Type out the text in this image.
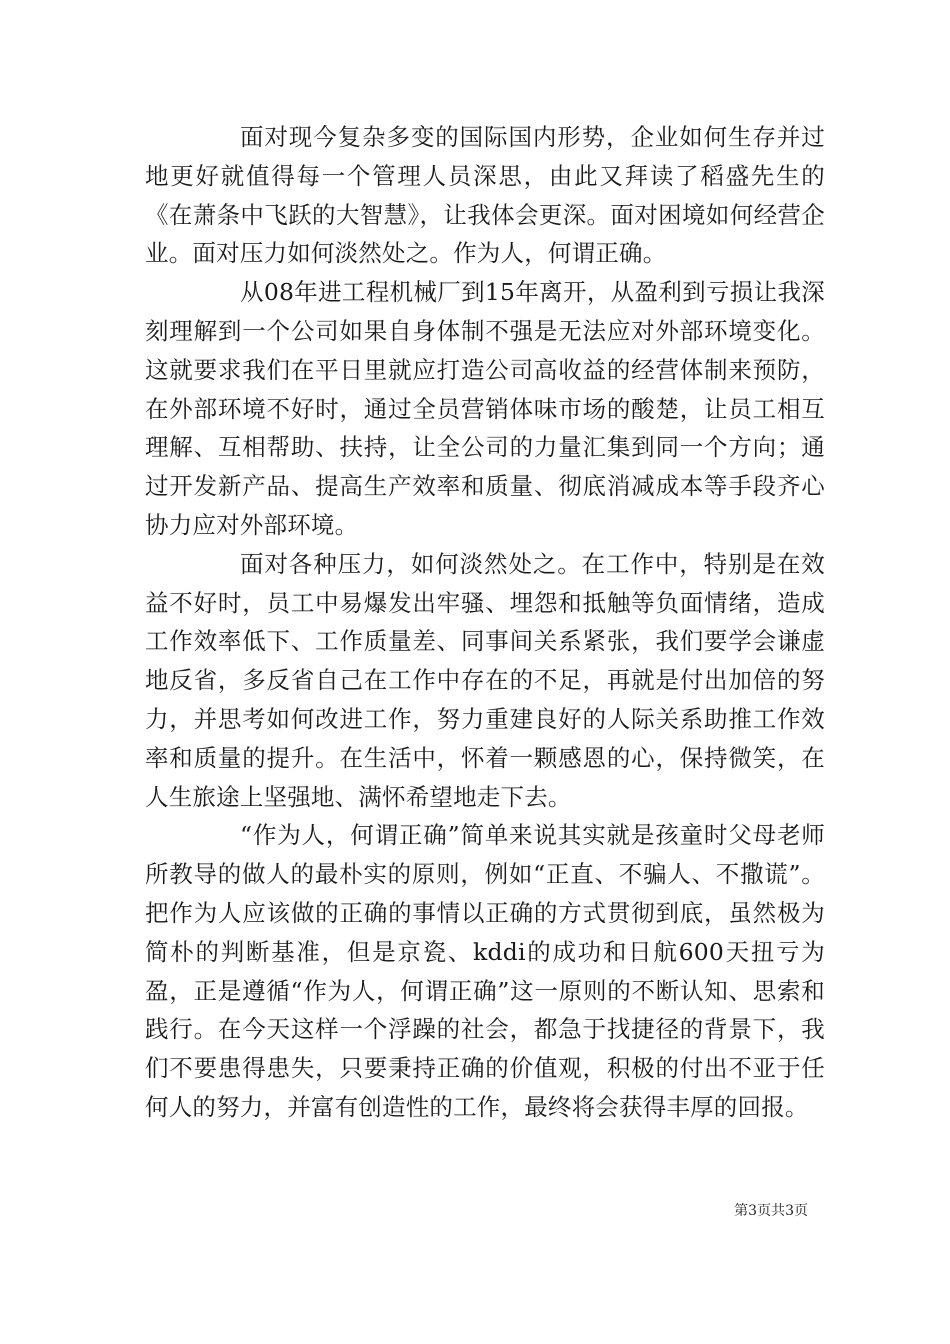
面对现今复杂多变的国际国内形势，企业如何生存并过地更好就值得每一个管理人员深思，由此又拜读了稻盛先生的《在萧条中飞跃的大智慧》，让我体会更深。面对困境如何经营企业。面对压力如何淡然处之。作为人，何谓正确。

从08年进工程机械厂到15年离开，从盈利到亏损让我深刻理解到一个公司如果自身体制不强是无法应对外部环境变化。这就要求我们在平日里就应打造公司高收益的经营体制来预防，在外部环境不好时，通过全员营销体味市场的酸楚，让员工相互理解、互相帮助、扶持，让全公司的力量汇集到同一个方向；通过开发新产品、提高生产效率和质量、彻底消减成本等手段齐心协力应对外部环境。

面对各种压力，如何淡然处之。在工作中，特别是在效益不好时，员工中易爆发出牢骚、埋怨和抵触等负面情绪，造成工作效率低下、工作质量差、同事间关系紧张，我们要学会谦虚地反省，多反省自己在工作中存在的不足，再就是付出加倍的努力，并思考如何改进工作，努力重建良好的人际关系助推工作效率和质量的提升。在生活中，怀着一颗感恩的心，保持微笑，在人生旅途上坚强地、满怀希望地走下去。

“作为人，何谓正确”简单来说其实就是孩童时父母老师所教导的做人的最朴实的原则，例如“正直、不骗人、不撒谎”。把作为人应该做的正确的事情以正确的方式贯彻到底，虽然极为简朴的判断基准，但是京瓷、kddi的成功和日航600天扭亏为盈，正是遵循“作为人，何谓正确”这一原则的不断认知、思索和践行。在今天这样一个浮躁的社会，都急于找捷径的背景下，我们不要患得患失，只要秉持正确的价值观，积极的付出不亚于任何人的努力，并富有创造性的工作，最终将会获得丰厚的回报。

第3页共3页
